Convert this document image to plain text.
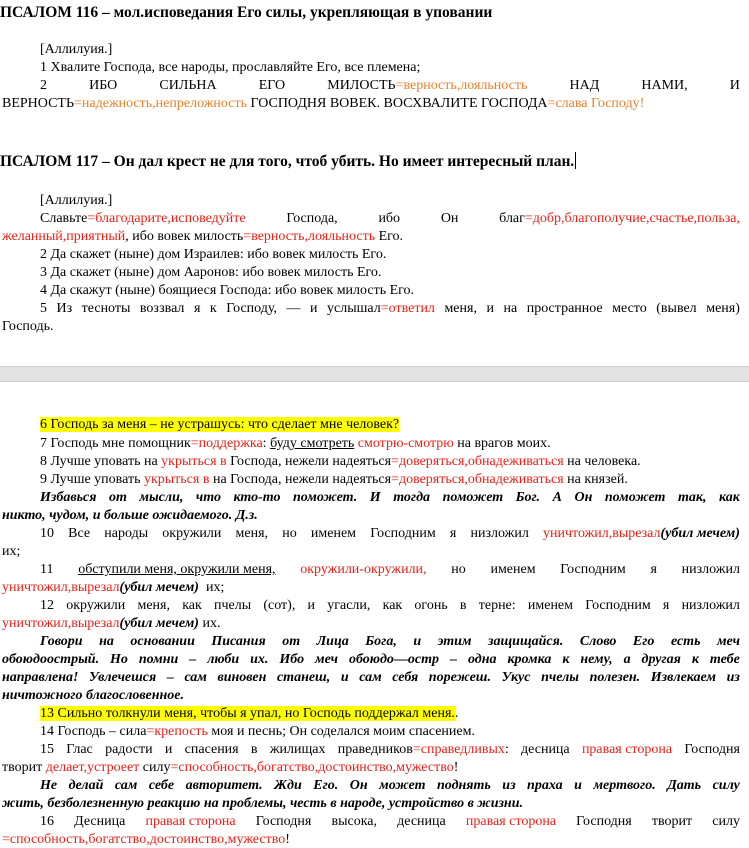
ПСАЛОМ 116 – мол.исповедания Его силы, укрепляющая в уповании
[Аллилуия.]
1 Хвалите Господа, все народы, прославляйте Его, все племена;
2	ИБО	СИЛЬНА	ЕГО	МИЛОСТЬ=верность,лояльность	НАД	НАМИ,	И
ВЕРНОСТЬ=надежность,непреложность ГОСПОДНЯ ВОВЕК. ВОСХВАЛИТЕ ГОСПОДА=слава Господу!
ПСАЛОМ 117 – Он дал крест не для того, чтоб убить. Но имеет интересный план.
[Аллилуия.]
Славьте=благодарите,исповедуйте	Господа,	ибо	Он	благ=добр,благополучие,счастье,польза,
желанный,приятный, ибо вовек милость=верность,лояльность Его.
2 Да скажет (ныне) дом Израилев: ибо вовек милость Его.
3 Да скажет (ныне) дом Ааронов: ибо вовек милость Его.
4 Да скажут (ныне) боящиеся Господа: ибо вовек милость Его.
5 Из тесноты воззвал я к Господу, — и услышал=ответил меня, и на пространное место (вывел меня)
Господь.
6 Господь за меня – не устрашусь: что сделает мне человек?
7 Господь мне помощник=поддержка: буду смотреть смотрю-смотрю на врагов моих.
8 Лучше уповать на укрыться в Господа, нежели надеяться=доверяться,обнадеживаться на человека.
9 Лучше уповать укрыться в на Господа, нежели надеяться=доверяться,обнадеживаться на князей.
Избавься от мысли, что кто-то поможет. И тогда поможет Бог. А Он поможет так, как
никто, чудом, и больше ожидаемого. Д.з.
10 Все народы окружили меня, но именем Господним я низложил уничтожил,вырезал(убил мечем)
их;
11 обступили меня, окружили меня, окружили-окружили, но именем Господним я низложил
уничтожил,вырезал(убил мечем)  их;
12 окружили меня, как пчелы (сот), и угасли, как огонь в терне: именем Господним я низложил
уничтожил,вырезал(убил мечем) их.
Говори на основании Писания от Лица Бога, и этим защищайся. Слово Его есть меч
обоюдоострый. Но помни – люби их. Ибо меч обоюдо—остр – одна кромка к нему, а другая к тебе
направлена! Увлечешся – сам виновен станеш, и сам себя порежеш. Укус пчелы полезен. Извлекаем из
ничтожного благословенное.
13 Сильно толкнули меня, чтобы я упал, но Господь поддержал меня..
14 Господь – сила=крепость моя и песнь; Он соделался моим спасением.
15 Глас радости и спасения в жилищах праведников=справедливых: десница правая сторона Господня
творит делает,устроеет силу=способность,богатство,достоинство,мужество!
Не делай сам себе авторитет. Жди Его. Он может поднять из праха и мертвого. Дать силу
жить, безболезненную реакцию на проблемы, честь в народе, устройство в жизни.
16 Десница правая сторона Господня высока, десница правая сторона Господня творит силу
=способность,богатство,достоинство,мужество!
